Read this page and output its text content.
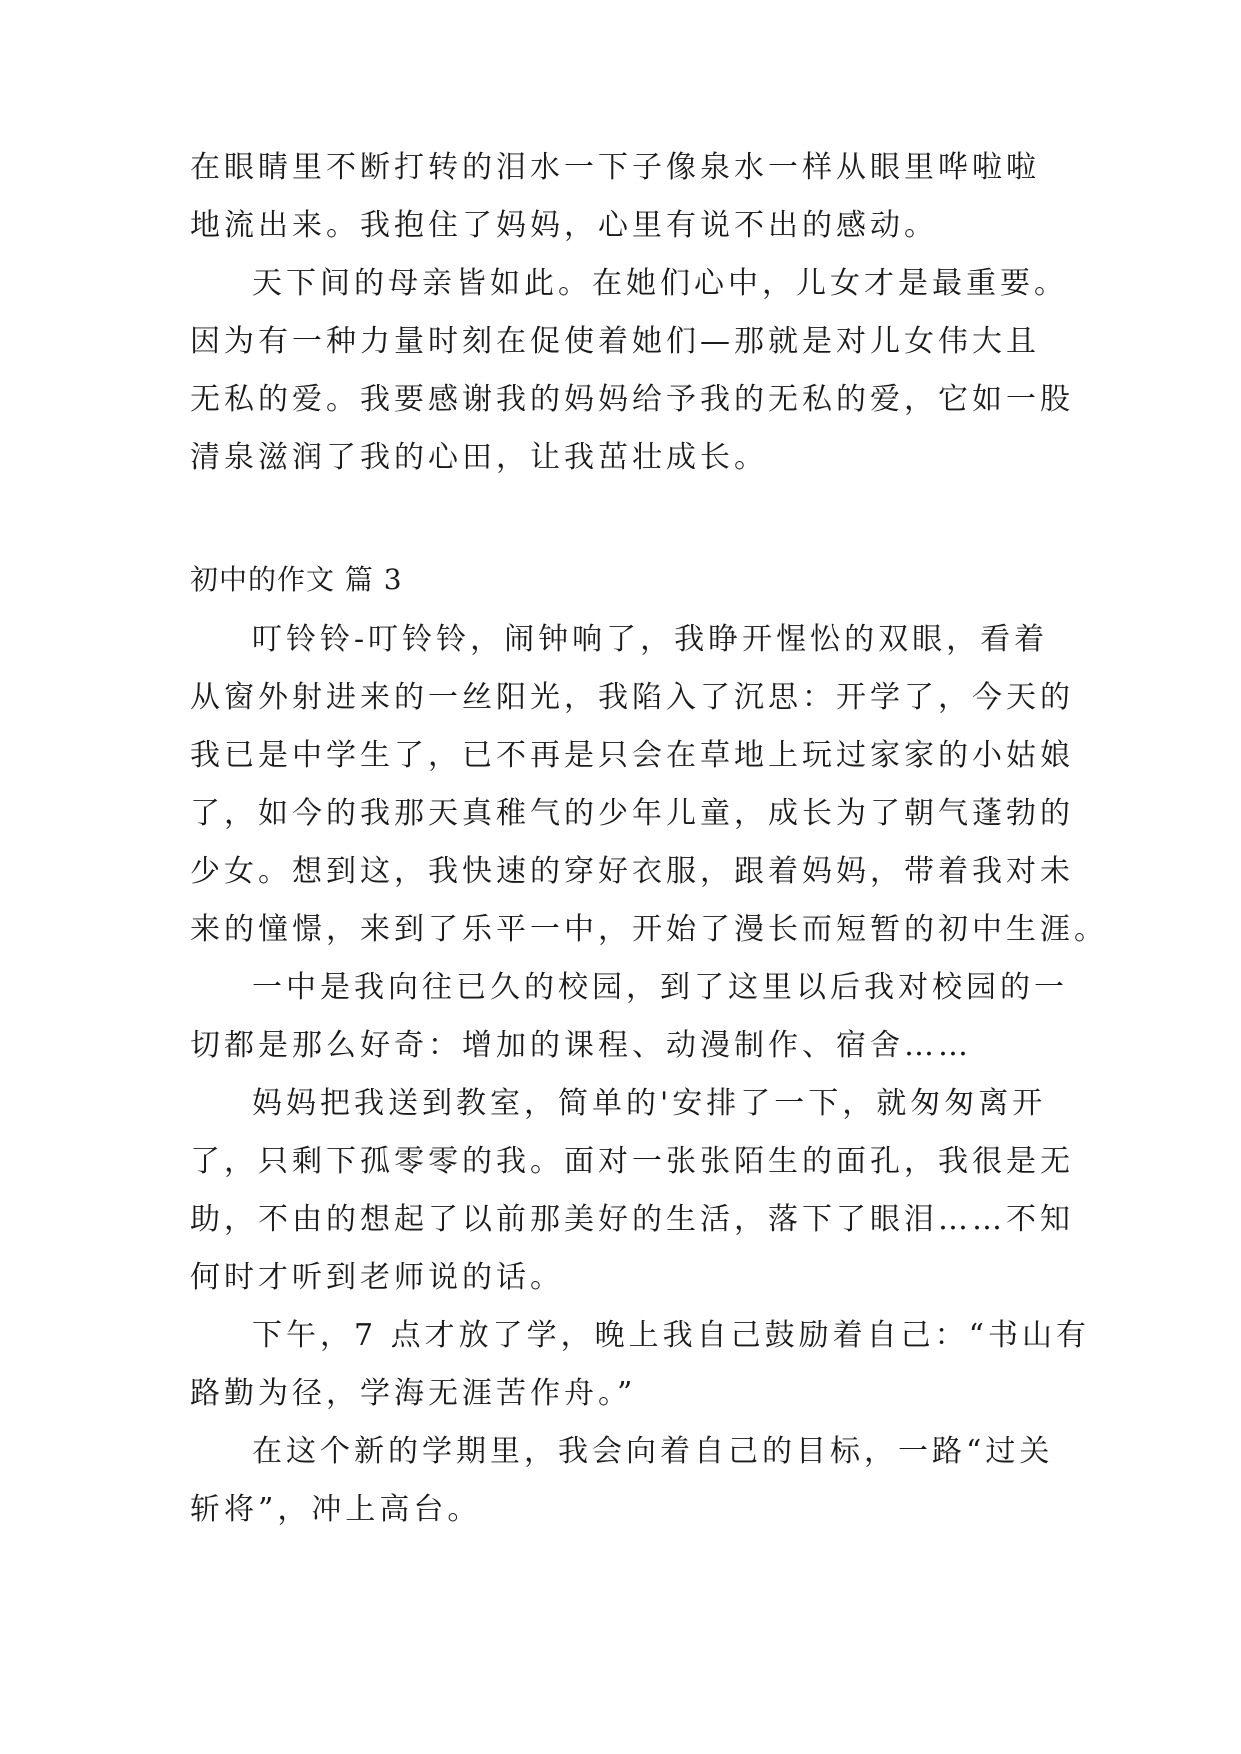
在眼睛里不断打转的泪水一下子像泉水一样从眼里哗啦啦
地流出来。我抱住了妈妈，心里有说不出的感动。
天下间的母亲皆如此。在她们心中，儿女才是最重要。
因为有一种力量时刻在促使着她们—那就是对儿女伟大且
无私的爱。我要感谢我的妈妈给予我的无私的爱，它如一股
清泉滋润了我的心田，让我茁壮成长。
初中的作文 篇 3
叮铃铃-叮铃铃，闹钟响了，我睁开惺忪的双眼，看着
从窗外射进来的一丝阳光，我陷入了沉思：开学了，今天的
我已是中学生了，已不再是只会在草地上玩过家家的小姑娘
了，如今的我那天真稚气的少年儿童，成长为了朝气蓬勃的
少女。想到这，我快速的穿好衣服，跟着妈妈，带着我对未
来的憧憬，来到了乐平一中，开始了漫长而短暂的初中生涯。
一中是我向往已久的校园，到了这里以后我对校园的一
切都是那么好奇：增加的课程、动漫制作、宿舍……
妈妈把我送到教室，简单的'安排了一下，就匆匆离开
了，只剩下孤零零的我。面对一张张陌生的面孔，我很是无
助，不由的想起了以前那美好的生活，落下了眼泪……不知
何时才听到老师说的话。
下午，7 点才放了学，晚上我自己鼓励着自己：“书山有
路勤为径，学海无涯苦作舟。”
在这个新的学期里，我会向着自己的目标，一路“过关
斩将”，冲上高台。
